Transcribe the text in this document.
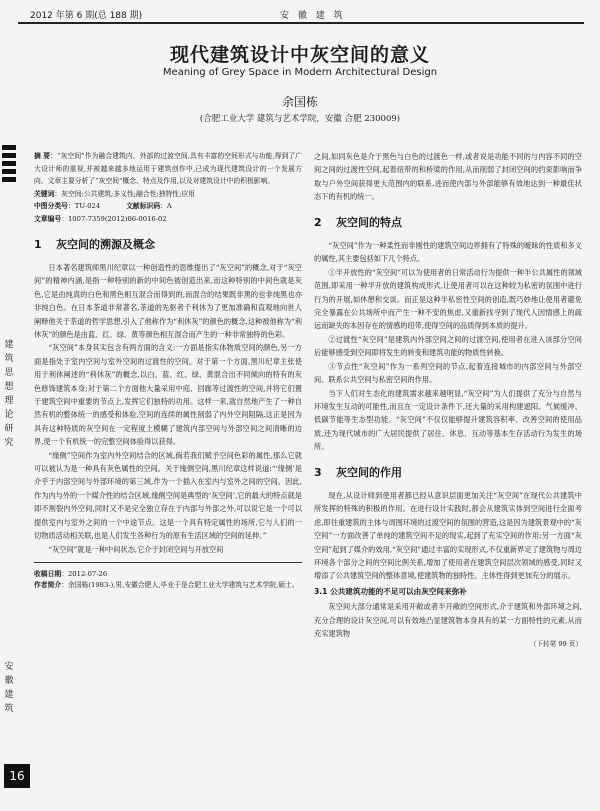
2012 年第 6 期(总 188 期)	安 徽 建 筑
现代建筑设计中灰空间的意义
Meaning of Grey Space in Modern Architectural Design
余国栋
(合肥工业大学 建筑与艺术学院，安徽 合肥 230009)
建
筑
思
想
理
论
研
究
安
徽
建
筑
16

摘 要：“灰空间”作为融合建筑内、外部的过渡空间,具有丰富的空间形式与功能,得到了广大设计师的重视,并被越来越多地运用于建筑创作中,已成为现代建筑设计的一个发展方向。文章主要分析了“灰空间”概念、特点及作用,以及对建筑设计中的积极影响。

关键词：灰空间;公共建筑;多义性;融合性;独特性;应用

中图分类号：TU-024	文献标识码：A

文章编号：1007-7359(2012)06-0016-02

1 灰空间的溯源及概念

日本著名建筑师黑川纪章以一种创造性的思维提出了“灰空间”的概念,对于“灰空间”的精神内涵,是指一种特别的新的中间色被创造出来,而这种特别的中间色就是灰色,它是由纯真的白色和黑色相互混合而得到的,而混合的结果既非黑的也非纯黑也亦非纯白色。在日本茶道非常著名,茶道的先驱者千利休为了更加准确和直观地向世人阐释他关于茶道的哲学思想,引入了他称作为“利休灰”的颜色的概念,这种被他称为“利休灰”的颜色是由蓝、红、绿、黄等颜色相互混合而产生的一种非常独特的色彩。

“灰空间”本身其实包含有两方面的含义:一方面是指实体物质空间的颜色,另一方面是指处于室内空间与室外空间的过渡性的空间。对于第一个方面,黑川纪章主张使用于利休阐述的“利休灰”的概念,以白、蓝、红、绿、黄混合出不同倾向的特有的灰色修饰建筑本身;对于第二个方面他大量采用中庭、回廊等过渡性的空间,并将它们置于建筑空间中重要的节点上,发挥它们独特的功用。这样一来,就自然地产生了一种自然有机的整体统一的感受和体验,空间的连续的属性削弱了内外空间阻隔,这正是因为具有这种特质的灰空间在一定程度上模糊了建筑内部空间与外部空间之间清晰的边界,使一个有机统一的完整空间体验得以获得。

“缘侧”空间作为室内外空间结合的区域,倘若我们赋予空间色彩的属性,那么它就可以被认为是一种具有灰色属性的空间。关于缘侧空间,黑川纪章这样说道:“‘缘侧’是介乎于内部空间与外部环境的第三域,作为一个插入在室内与室外之间的空间。因此,作为内与外的一个媒介性的结合区域,缘侧空间是典型的‘灰空间’,它的最大的特点就是即不割裂内外空间,同时又不是完全独立存在于内部与外部之外,可以说它是一个可以提供室内与室外之间的一个中途节点。这是一个具有特定属性的场所,它与人们的一切物质活动相关联,也是人们发生各种行为的原有生活区域的空间的延伸。”

“灰空间”就是一种中间状态,它介于封闭空间与开放空间

收稿日期：2012-07-26

作者简介：余国栋(1983-),男,安徽合肥人,毕业于是合肥工业大学建筑与艺术学院,硕士。

之间,如同灰色是介于黑色与白色的过渡色一样,或者说是功能不同的与内容不同的空间之间的过渡性空间,起着纽带的和桥梁的作用,从而削弱了封闭空间的约束影响而争取与户外空间获得更大范围内的联系,进而使内部与外部能够有效地达到一种最佳状态下的有机的统一。

2 灰空间的特点

“灰空间”作为一种柔性而非刚性的建筑空间边界拥有了特殊的暧昧的性质和多义的属性,其主要包括如下几个特点。

①半开放性的“灰空间”可以为使用者的日常活动行为提供一种半公共属性的领域范围,即采用一种半开放的建筑构成形式,让使用者可以在这种较为私密的氛围中进行行为的开展,如休憩和交谈。而正是这种半私密性空间的创造,既巧妙地让使用者避免完全暴露在公共场所中而产生一种不安的焦虑,又重新找寻到了现代人因情感上的疏远而缺失的本因存在的情感的纽带,使得空间的品质得到本质的提升。

②过渡性“灰空间”是建筑内外部空间之间的过渡空间,使用者在进入该部分空间后能够感受到空间即将发生的转变和建筑功能的物质性转换。

③节点性“灰空间”作为一系列空间的节点,起着连接城市的内部空间与外部空间、联系公共空间与私密空间的作用。

当下人们对生态化的建筑需求越来越明显,“灰空间”为人们提供了充分与自然与环境发生互动的可能性,而且在一定设计条件下,还大量的采用构建遮阳、气候缓冲、低碳节能等生态型功能。“灰空间”不仅仅能够提升建筑容积率、改善空间的使用品质,还为现代城市的广大居民提供了居住、休息、互动等基本生存活动行为发生的场所。

3 灰空间的作用

现在,从设计师到使用者都已经从意识层面更加关注“灰空间”在现代公共建筑中所发挥的特殊的积极的作用。在进行设计实践时,都会从建筑实体到空间进行全面考虑,即往重建筑的主体与周围环境的过渡空间的氛围的营造,这是因为建筑景观中的“灰空间”一方面改善了单纯的建筑空间不足的现实,起到了充实空间的作用;另一方面“灰空间”起到了媒介的效用,“灰空间”通过丰富的实现形式,不仅重新界定了建筑物与周边环境各个部分之间的空间比例关系,增加了使用者在建筑空间层次领域的感受,同时又增添了公共建筑空间的整体意境,使建筑物的独特性、主体性得到更加充分的展示。

3.1 公共建筑功能的不足可以由灰空间来弥补

灰空间大部分通常是采用开敞或者半开敞的空间形式,介于建筑和外部环境之间,充分合理的设计灰空间,可以有效地凸显建筑物本身具有的某一方面特性的元素,从而充实建筑物

（下转第 99 页）
